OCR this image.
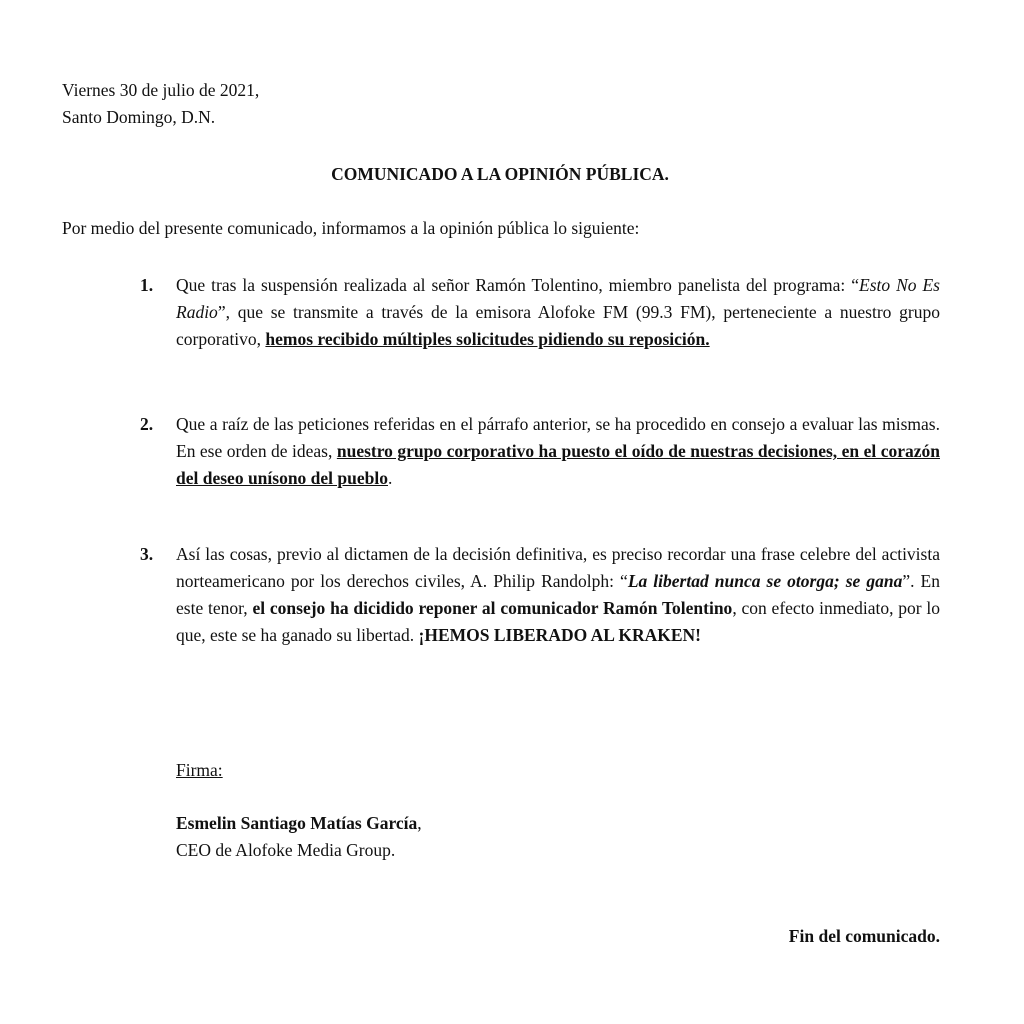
Viernes 30 de julio de 2021,
Santo Domingo, D.N.
COMUNICADO A LA OPINIÓN PÚBLICA.
Por medio del presente comunicado, informamos a la opinión pública lo siguiente:
1. Que tras la suspensión realizada al señor Ramón Tolentino, miembro panelista del programa: “Esto No Es Radio”, que se transmite a través de la emisora Alofoke FM (99.3 FM), perteneciente a nuestro grupo corporativo, hemos recibido múltiples solicitudes pidiendo su reposición.
2. Que a raíz de las peticiones referidas en el párrafo anterior, se ha procedido en consejo a evaluar las mismas. En ese orden de ideas, nuestro grupo corporativo ha puesto el oído de nuestras decisiones, en el corazón del deseo unísono del pueblo.
3. Así las cosas, previo al dictamen de la decisión definitiva, es preciso recordar una frase celebre del activista norteamericano por los derechos civiles, A. Philip Randolph: “La libertad nunca se otorga; se gana”. En este tenor, el consejo ha dicidido reponer al comunicador Ramón Tolentino, con efecto inmediato, por lo que, este se ha ganado su libertad. ¡HEMOS LIBERADO AL KRAKEN!
Firma:
Esmelin Santiago Matías García,
CEO de Alofoke Media Group.
Fin del comunicado.
